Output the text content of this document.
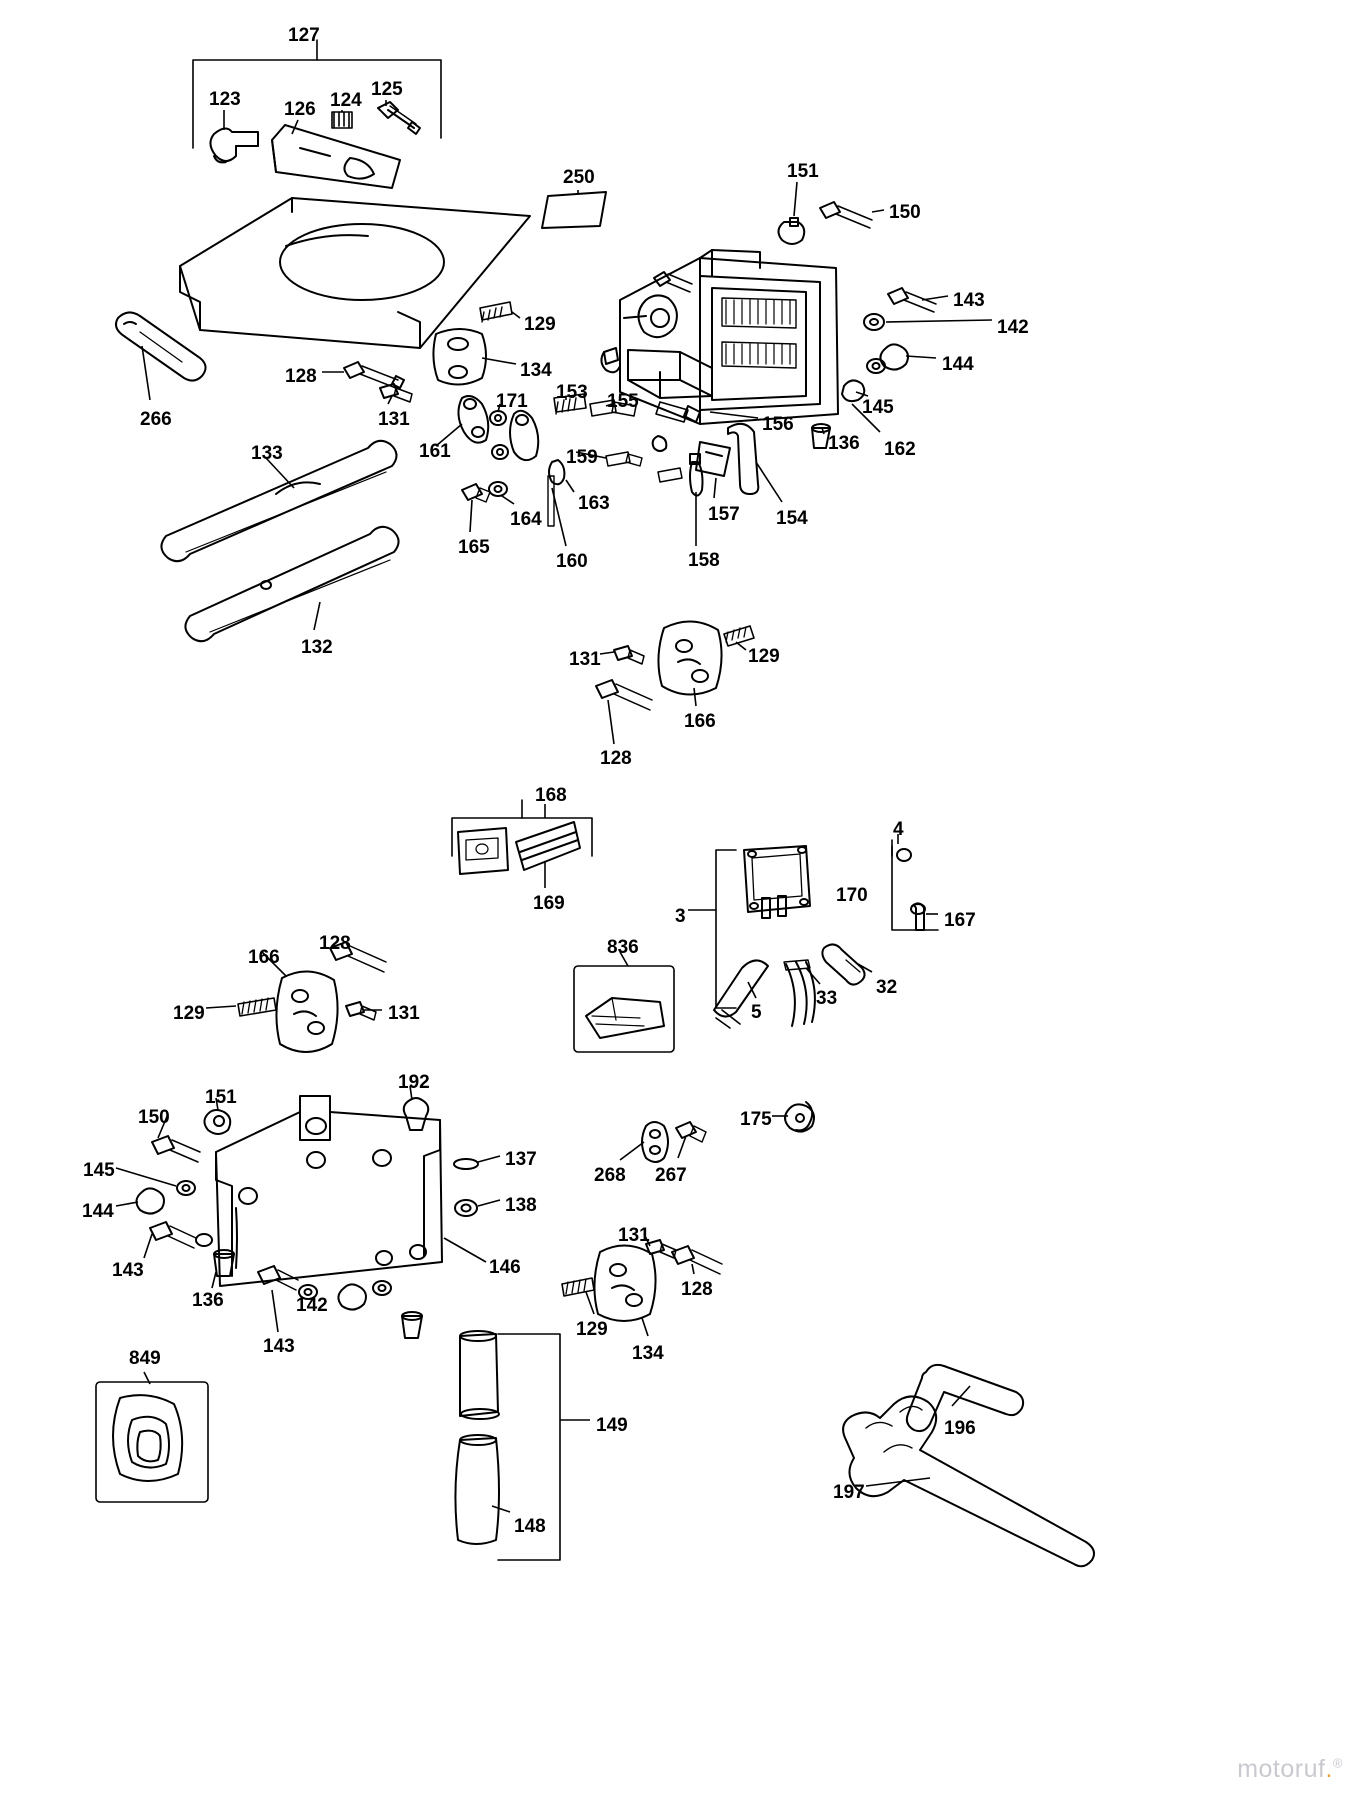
127
123 126 124
125
250	151
150
143
142
144
145
162
136
129
134
128
131
266
133
132
161
171 153 155
156
159
163
164
165
160	158
157 154
131	129
166
128
168
169
4
170
167
3
32
33
5
836
166
128
129	131
192
151
150
145
144
143
136
143
142
146
137
138
268 267
175
131
128
129
134
849
149
148
196
197
motoruf.®
